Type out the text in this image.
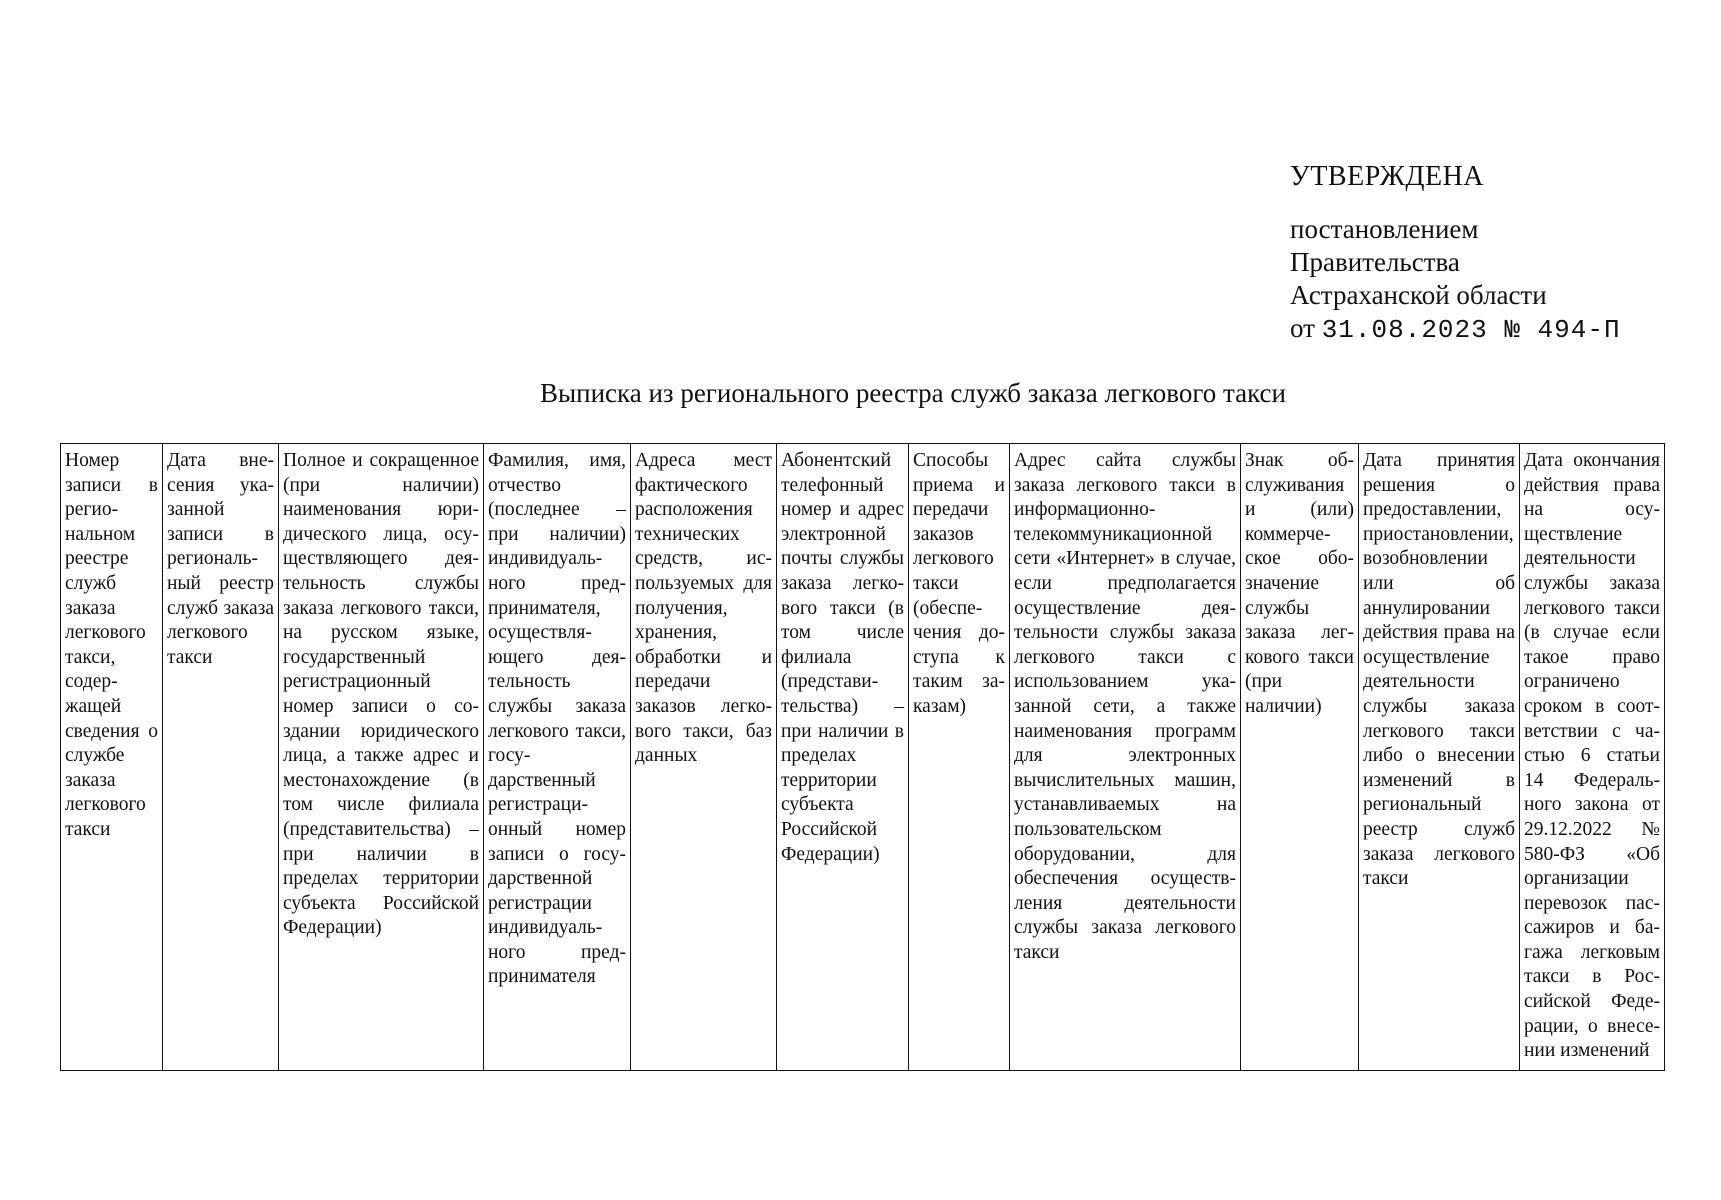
УТВЕРЖДЕНА
постановлением
Правительства
Астраханской области
от 31.08.2023 № 494-П
Выписка из регионального реестра служб заказа легкового такси
Номер записи в региональном реестре служб заказа легкового такси, содержащей сведения о службе заказа легкового такси	Дата внесения указанной записи в региональный реестр служб заказа легкового такси	Полное и сокращенное (при наличии) наименования юридического лица, осуществляющего деятельность службы заказа легкового такси, на русском языке, государственный регистрационный номер записи о создании юридического лица, а также адрес и местонахождение (в том числе филиала (представительства) – при наличии в пределах территории субъекта Российской Федерации)	Фамилия, имя, отчество (последнее – при наличии) индивидуального предпринимателя, осуществляющего деятельность службы заказа легкового такси, государственный регистрационный номер записи о государственной регистрации индивидуального предпринимателя	Адреса мест фактического расположения технических средств, используемых для получения, хранения, обработки и передачи заказов легкового такси, баз данных	Абонентский телефонный номер и адрес электронной почты службы заказа легкового такси (в том числе филиала (представительства) – при наличии в пределах территории субъекта Российской Федерации)	Способы приема и передачи заказов легкового такси (обеспечения доступа к таким заказам)	Адрес сайта службы заказа легкового такси в информационно-телекоммуникационной сети «Интернет» в случае, если предполагается осуществление деятельности службы заказа легкового такси с использованием указанной сети, а также наименования программ для электронных вычислительных машин, устанавливаемых на пользовательском оборудовании, для обеспечения осуществления деятельности службы заказа легкового такси	Знак обслуживания и (или) коммерческое обозначение службы заказа легкового такси (при наличии)	Дата принятия решения о предоставлении, приостановлении, возобновлении или об аннулировании действия права на осуществление деятельности службы заказа легкового такси либо о внесении изменений в региональный реестр служб заказа легкового такси	Дата окончания действия права на осуществление деятельности службы заказа легкового такси (в случае если такое право ограничено сроком в соответствии с частью 6 статьи 14 Федерального закона от 29.12.2022 № 580-ФЗ «Об организации перевозок пассажиров и багажа легковым такси в Российской Федерации, о внесении изменений
